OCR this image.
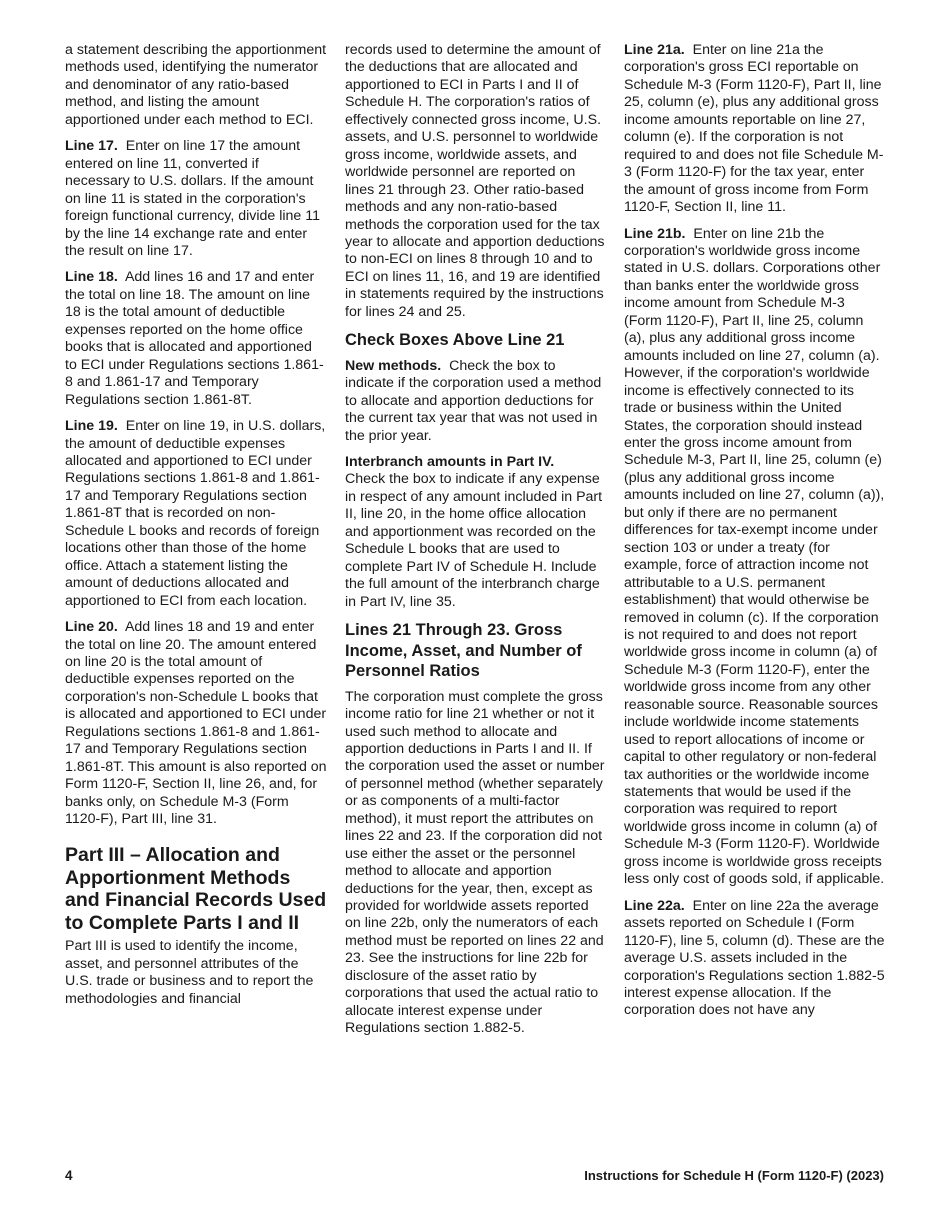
a statement describing the apportionment methods used, identifying the numerator and denominator of any ratio-based method, and listing the amount apportioned under each method to ECI.

Line 17. Enter on line 17 the amount entered on line 11, converted if necessary to U.S. dollars. If the amount on line 11 is stated in the corporation's foreign functional currency, divide line 11 by the line 14 exchange rate and enter the result on line 17.

Line 18. Add lines 16 and 17 and enter the total on line 18. The amount on line 18 is the total amount of deductible expenses reported on the home office books that is allocated and apportioned to ECI under Regulations sections 1.861-8 and 1.861-17 and Temporary Regulations section 1.861-8T.

Line 19. Enter on line 19, in U.S. dollars, the amount of deductible expenses allocated and apportioned to ECI under Regulations sections 1.861-8 and 1.861-17 and Temporary Regulations section 1.861-8T that is recorded on non-Schedule L books and records of foreign locations other than those of the home office. Attach a statement listing the amount of deductions allocated and apportioned to ECI from each location.

Line 20. Add lines 18 and 19 and enter the total on line 20. The amount entered on line 20 is the total amount of deductible expenses reported on the corporation's non-Schedule L books that is allocated and apportioned to ECI under Regulations sections 1.861-8 and 1.861-17 and Temporary Regulations section 1.861-8T. This amount is also reported on Form 1120-F, Section II, line 26, and, for banks only, on Schedule M-3 (Form 1120-F), Part III, line 31.

Part III – Allocation and Apportionment Methods and Financial Records Used to Complete Parts I and II

Part III is used to identify the income, asset, and personnel attributes of the U.S. trade or business and to report the methodologies and financial

records used to determine the amount of the deductions that are allocated and apportioned to ECI in Parts I and II of Schedule H. The corporation's ratios of effectively connected gross income, U.S. assets, and U.S. personnel to worldwide gross income, worldwide assets, and worldwide personnel are reported on lines 21 through 23. Other ratio-based methods and any non-ratio-based methods the corporation used for the tax year to allocate and apportion deductions to non-ECI on lines 8 through 10 and to ECI on lines 11, 16, and 19 are identified in statements required by the instructions for lines 24 and 25.

Check Boxes Above Line 21

New methods. Check the box to indicate if the corporation used a method to allocate and apportion deductions for the current tax year that was not used in the prior year.

Interbranch amounts in Part IV.
Check the box to indicate if any expense in respect of any amount included in Part II, line 20, in the home office allocation and apportionment was recorded on the Schedule L books that are used to complete Part IV of Schedule H. Include the full amount of the interbranch charge in Part IV, line 35.

Lines 21 Through 23. Gross Income, Asset, and Number of Personnel Ratios

The corporation must complete the gross income ratio for line 21 whether or not it used such method to allocate and apportion deductions in Parts I and II. If the corporation used the asset or number of personnel method (whether separately or as components of a multi-factor method), it must report the attributes on lines 22 and 23. If the corporation did not use either the asset or the personnel method to allocate and apportion deductions for the year, then, except as provided for worldwide assets reported on line 22b, only the numerators of each method must be reported on lines 22 and 23. See the instructions for line 22b for disclosure of the asset ratio by corporations that used the actual ratio to allocate interest expense under Regulations section 1.882-5.

Line 21a. Enter on line 21a the corporation's gross ECI reportable on Schedule M-3 (Form 1120-F), Part II, line 25, column (e), plus any additional gross income amounts reportable on line 27, column (e). If the corporation is not required to and does not file Schedule M-3 (Form 1120-F) for the tax year, enter the amount of gross income from Form 1120-F, Section II, line 11.

Line 21b. Enter on line 21b the corporation's worldwide gross income stated in U.S. dollars. Corporations other than banks enter the worldwide gross income amount from Schedule M-3 (Form 1120-F), Part II, line 25, column (a), plus any additional gross income amounts included on line 27, column (a). However, if the corporation's worldwide income is effectively connected to its trade or business within the United States, the corporation should instead enter the gross income amount from Schedule M-3, Part II, line 25, column (e) (plus any additional gross income amounts included on line 27, column (a)), but only if there are no permanent differences for tax-exempt income under section 103 or under a treaty (for example, force of attraction income not attributable to a U.S. permanent establishment) that would otherwise be removed in column (c). If the corporation is not required to and does not report worldwide gross income in column (a) of Schedule M-3 (Form 1120-F), enter the worldwide gross income from any other reasonable source. Reasonable sources include worldwide income statements used to report allocations of income or capital to other regulatory or non-federal tax authorities or the worldwide income statements that would be used if the corporation was required to report worldwide gross income in column (a) of Schedule M-3 (Form 1120-F). Worldwide gross income is worldwide gross receipts less only cost of goods sold, if applicable.

Line 22a. Enter on line 22a the average assets reported on Schedule I (Form 1120-F), line 5, column (d). These are the average U.S. assets included in the corporation's Regulations section 1.882-5 interest expense allocation. If the corporation does not have any

4	Instructions for Schedule H (Form 1120-F) (2023)
